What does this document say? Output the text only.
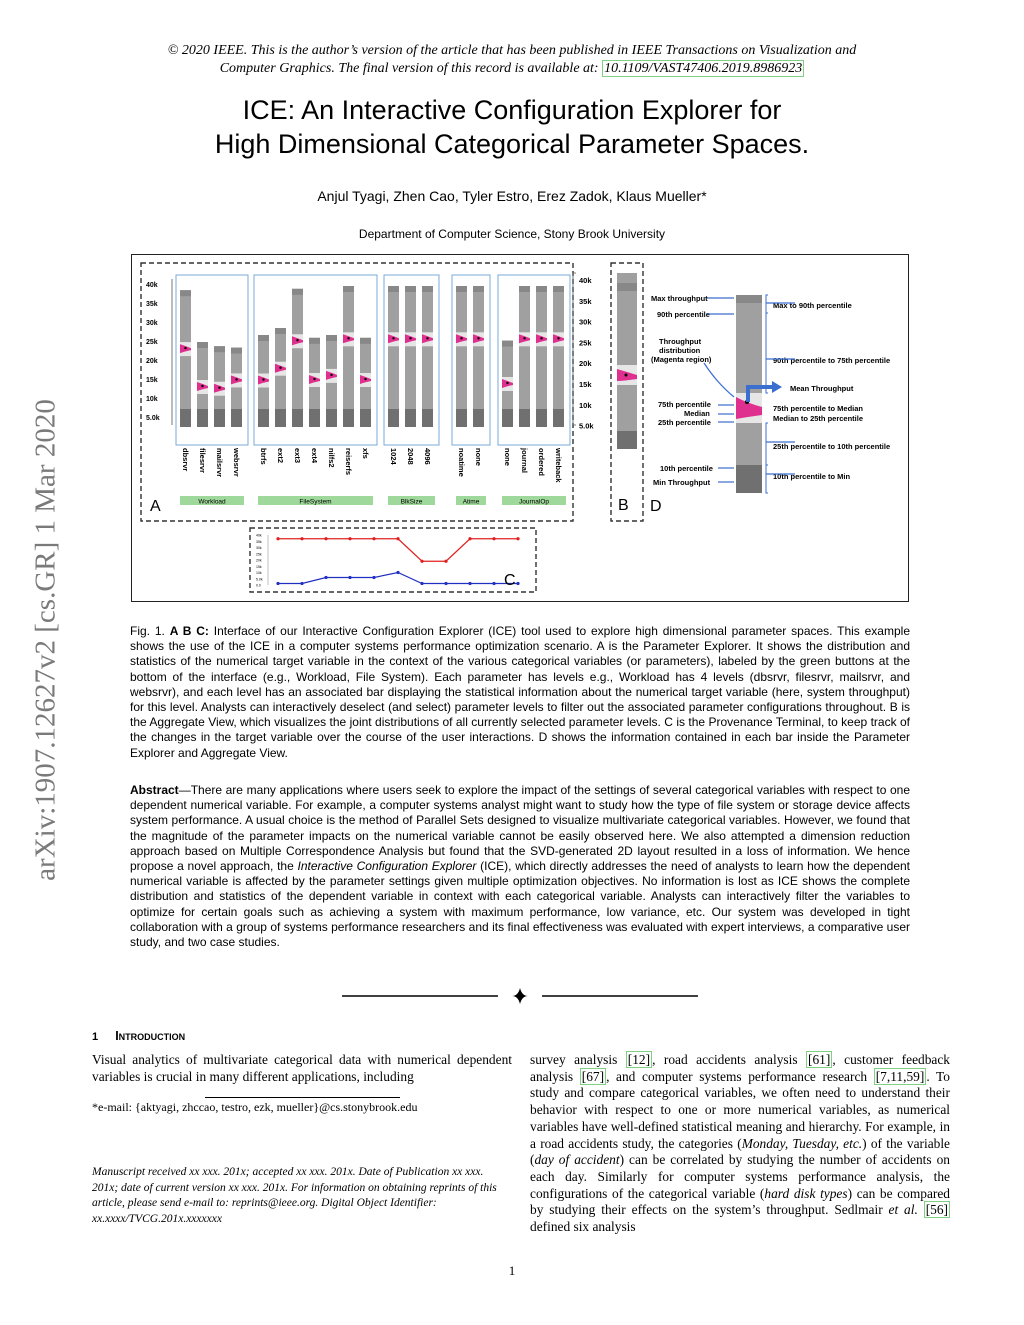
© 2020 IEEE. This is the author’s version of the article that has been published in IEEE Transactions on Visualization and
Computer Graphics. The final version of this record is available at: 10.1109/VAST47406.2019.8986923
ICE: An Interactive Configuration Explorer for
High Dimensional Categorical Parameter Spaces.
Anjul Tyagi, Zhen Cao, Tyler Estro, Erez Zadok, Klaus Mueller*
Department of Computer Science, Stony Brook University
arXiv:1907.12627v2 [cs.GR] 1 Mar 2020
40k
35k
30k
25k
20k
15k
10k
5.0k
dbsrvr filesrvr mailsrvr websrvr
Workload
btrfs ext2 ext3 ext4 nilfs2 reiserfs xfs
FileSystem
1024 2048 4096
BlkSize
noatime none
Atime
none journal ordered writeback
JournalOp
40k
35k
30k
25k
20k
15k
10k
5.0k
Max throughput
90th percentile
Throughput
distribution
(Magenta region)
75th percentile
Median
25th percentile
10th percentile
Min Throughput
Max to 90th percentile
90th percentile to 75th percentile
Mean Throughput
75th percentile to Median
Median to 25th percentile
25th percentile to 10th percentile
10th percentile to Min
40k
35k
30k
25k
20k
15k
10k
5.0k
0.0
A	B D
C
Fig. 1. A B C: Interface of our Interactive Configuration Explorer (ICE) tool used to explore high dimensional parameter spaces. This example shows the use of the ICE in a computer systems performance optimization scenario. A is the Parameter Explorer. It shows the distribution and statistics of the numerical target variable in the context of the various categorical variables (or parameters), labeled by the green buttons at the bottom of the interface (e.g., Workload, File System). Each parameter has levels e.g., Workload has 4 levels (dbsrvr, filesrvr, mailsrvr, and websrvr), and each level has an associated bar displaying the statistical information about the numerical target variable (here, system throughput) for this level. Analysts can interactively deselect (and select) parameter levels to filter out the associated parameter configurations throughout. B is the Aggregate View, which visualizes the joint distributions of all currently selected parameter levels. C is the Provenance Terminal, to keep track of the changes in the target variable over the course of the user interactions. D shows the information contained in each bar inside the Parameter Explorer and Aggregate View.
Abstract—There are many applications where users seek to explore the impact of the settings of several categorical variables with respect to one dependent numerical variable. For example, a computer systems analyst might want to study how the type of file system or storage device affects system performance. A usual choice is the method of Parallel Sets designed to visualize multivariate categorical variables. However, we found that the magnitude of the parameter impacts on the numerical variable cannot be easily observed here. We also attempted a dimension reduction approach based on Multiple Correspondence Analysis but found that the SVD-generated 2D layout resulted in a loss of information. We hence propose a novel approach, the Interactive Configuration Explorer (ICE), which directly addresses the need of analysts to learn how the dependent numerical variable is affected by the parameter settings given multiple optimization objectives. No information is lost as ICE shows the complete distribution and statistics of the dependent variable in context with each categorical variable. Analysts can interactively filter the variables to optimize for certain goals such as achieving a system with maximum performance, low variance, etc. Our system was developed in tight collaboration with a group of systems performance researchers and its final effectiveness was evaluated with expert interviews, a comparative user study, and two case studies.
1 Introduction
Visual analytics of multivariate categorical data with numerical dependent variables is crucial in many different applications, including
*e-mail: {aktyagi, zhccao, testro, ezk, mueller}@cs.stonybrook.edu
Manuscript received xx xxx. 201x; accepted xx xxx. 201x. Date of Publication xx xxx. 201x; date of current version xx xxx. 201x. For information on obtaining reprints of this article, please send e-mail to: reprints@ieee.org. Digital Object Identifier: xx.xxxx/TVCG.201x.xxxxxxx
survey analysis [12] , road accidents analysis [61] , customer feedback analysis [67] , and computer systems performance research [7,11,59] . To study and compare categorical variables, we often need to understand their behavior with respect to one or more numerical variables, as numerical variables have well-defined statistical meaning and hierarchy. For example, in a road accidents study, the categories (Monday, Tuesday, etc.) of the variable (day of accident) can be correlated by studying the number of accidents on each day. Similarly for computer systems performance analysis, the configurations of the categorical variable (hard disk types) can be compared by studying their effects on the system’s throughput. Sedlmair et al. [56] defined six analysis
1
